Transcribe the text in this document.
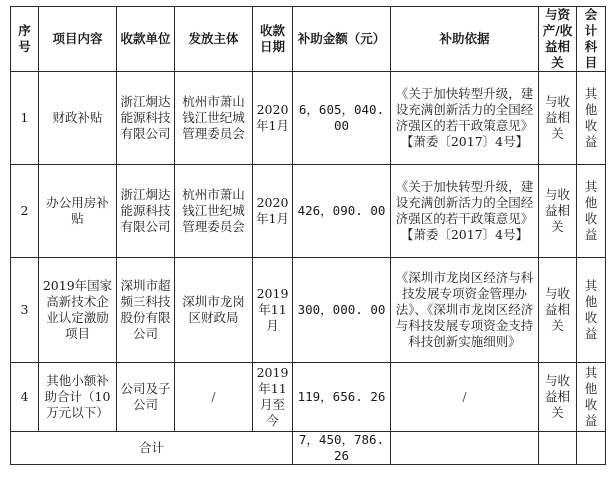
序号	项目内容	收款单位	发放主体	收款日期	补助金额（元）	补助依据	与资产/收益相关	会计科目
1	财政补贴	浙江炯达能源科技有限公司	杭州市萧山钱江世纪城管理委员会	2020年1月	6，605，040. 00	《关于加快转型升级，建设充满创新活力的全国经济强区的若干政策意见》【萧委〔2017〕4号】	与收益相关	其他收益
2	办公用房补贴	浙江炯达能源科技有限公司	杭州市萧山钱江世纪城管理委员会	2020年1月	426，090. 00	《关于加快转型升级，建设充满创新活力的全国经济强区的若干政策意见》【萧委〔2017〕4号】	与收益相关	其他收益
3	2019年国家高新技术企业认定激励项目	深圳市超频三科技股份有限公司	深圳市龙岗区财政局	2019年11月	300，000. 00	《深圳市龙岗区经济与科技发展专项资金管理办法》、《深圳市龙岗区经济与科技发展专项资金支持科技创新实施细则》	与收益相关	其他收益
4	其他小额补助合计（10万元以下）	公司及子公司	/	2019年11月至今	119，656. 26	/	与收益相关	其他收益
合计					7，450，786. 26			
